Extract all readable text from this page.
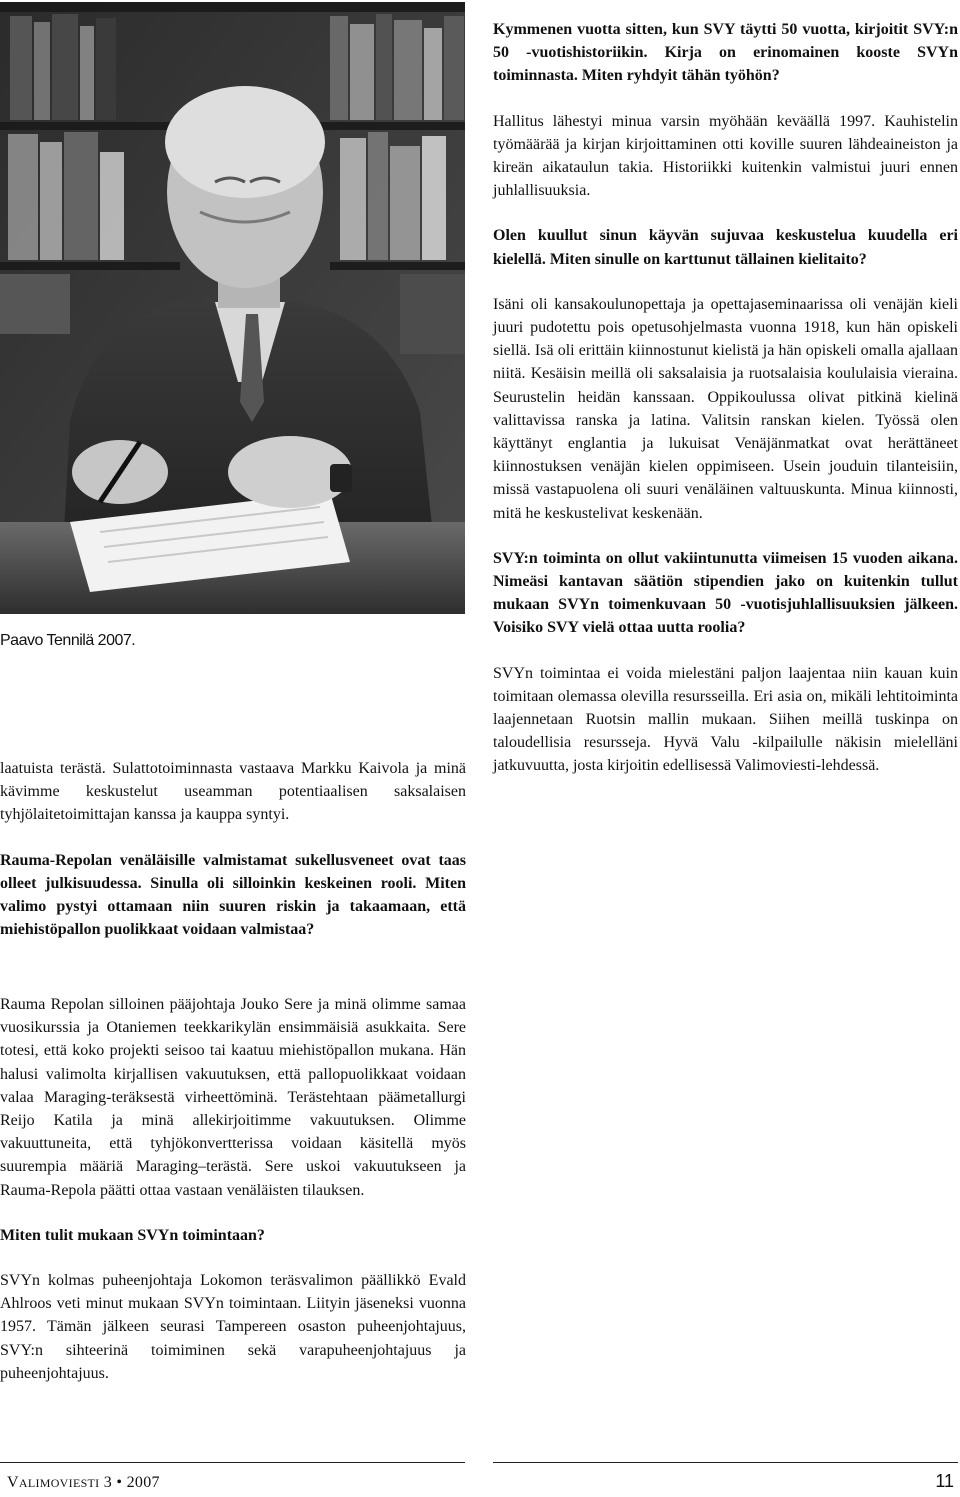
Paavo Tennilä 2007.

laatuista terästä. Sulattotoiminnasta vastaava Markku Kaivola ja minä kävimme keskustelut useamman potentiaalisen saksalaisen tyhjölaitetoimittajan kanssa ja kauppa syntyi.

Rauma-Repolan venäläisille valmistamat sukellusveneet ovat taas olleet julkisuudessa. Sinulla oli silloinkin keskeinen rooli. Miten valimo pystyi ottamaan niin suuren riskin ja takaamaan, että miehistöpallon puolikkaat voidaan valmistaa?

Rauma Repolan silloinen pääjohtaja Jouko Sere ja minä olimme samaa vuosikurssia ja Otaniemen teekkarikylän ensimmäisiä asukkaita. Sere totesi, että koko projekti seisoo tai kaatuu miehistöpallon mukana. Hän halusi valimolta kirjallisen vakuutuksen, että pallopuolikkaat voidaan valaa Maraging-teräksestä virheettöminä. Terästehtaan päämetallurgi Reijo Katila ja minä allekirjoitimme vakuutuksen. Olimme vakuuttuneita, että tyhjökonvertterissa voidaan käsitellä myös suurempia määriä Maraging–terästä. Sere uskoi vakuutukseen ja Rauma-Repola päätti ottaa vastaan venäläisten tilauksen.

Miten tulit mukaan SVYn toimintaan?

SVYn kolmas puheenjohtaja Lokomon teräsvalimon päällikkö Evald Ahlroos veti minut mukaan SVYn toimintaan. Liityin jäseneksi vuonna 1957. Tämän jälkeen seurasi Tampereen osaston puheenjohtajuus, SVY:n sihteerinä toimiminen sekä varapuheenjohtajuus ja puheenjohtajuus.

Kymmenen vuotta sitten, kun SVY täytti 50 vuotta, kirjoitit SVY:n 50 -vuotishistoriikin. Kirja on erinomainen kooste SVYn toiminnasta. Miten ryhdyit tähän työhön?

Hallitus lähestyi minua varsin myöhään keväällä 1997. Kauhistelin työmäärää ja kirjan kirjoittaminen otti koville suuren lähdeaineiston ja kireän aikataulun takia. Historiikki kuitenkin valmistui juuri ennen juhlallisuuksia.

Olen kuullut sinun käyvän sujuvaa keskustelua kuudella eri kielellä. Miten sinulle on karttunut tällainen kielitaito?

Isäni oli kansakoulunopettaja ja opettajaseminaarissa oli venäjän kieli juuri pudotettu pois opetusohjelmasta vuonna 1918, kun hän opiskeli siellä. Isä oli erittäin kiinnostunut kielistä ja hän opiskeli omalla ajallaan niitä. Kesäisin meillä oli saksalaisia ja ruotsalaisia koululaisia vieraina. Seurustelin heidän kanssaan. Oppikoulussa olivat pitkinä kielinä valittavissa ranska ja latina. Valitsin ranskan kielen. Työssä olen käyttänyt englantia ja lukuisat Venäjänmatkat ovat herättäneet kiinnostuksen venäjän kielen oppimiseen. Usein jouduin tilanteisiin, missä vastapuolena oli suuri venäläinen valtuuskunta. Minua kiinnosti, mitä he keskustelivat keskenään.

SVY:n toiminta on ollut vakiintunutta viimeisen 15 vuoden aikana. Nimeäsi kantavan säätiön stipendien jako on kuitenkin tullut mukaan SVYn toimenkuvaan 50 -vuotisjuhlallisuuksien jälkeen. Voisiko SVY vielä ottaa uutta roolia?

SVYn toimintaa ei voida mielestäni paljon laajentaa niin kauan kuin toimitaan olemassa olevilla resursseilla. Eri asia on, mikäli lehtitoiminta laajennetaan Ruotsin mallin mukaan. Siihen meillä tuskinpa on taloudellisia resursseja. Hyvä Valu -kilpailulle näkisin mielelläni jatkuvuutta, josta kirjoitin edellisessä Valimoviesti-lehdessä.

VALIMOVIESTI 3 • 2007	11
